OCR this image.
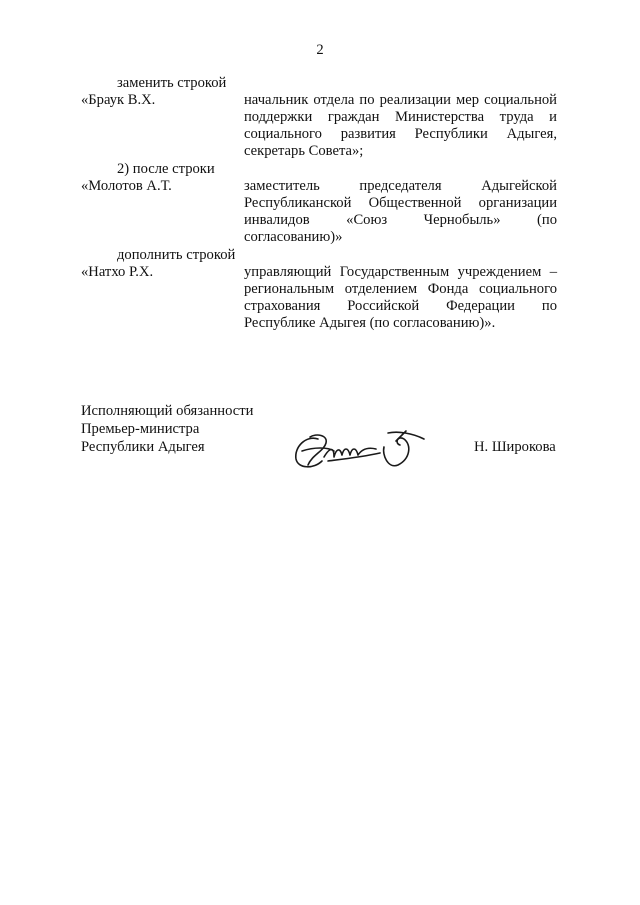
2
заменить строкой
«Браук В.Х.	начальник отдела по реализации мер социальной поддержки граждан Министерства труда и социального развития Республики Адыгея, секретарь Совета»;
2) после строки
«Молотов А.Т.	заместитель председателя Адыгейской Республиканской Общественной организации инвалидов «Союз Чернобыль» (по согласованию)»
дополнить строкой
«Натхо Р.Х.	управляющий Государственным учреждением – региональным отделением Фонда социального страхования Российской Федерации по Республике Адыгея (по согласованию)».
Исполняющий обязанности
Премьер-министра
Республики Адыгея	Н. Широкова
